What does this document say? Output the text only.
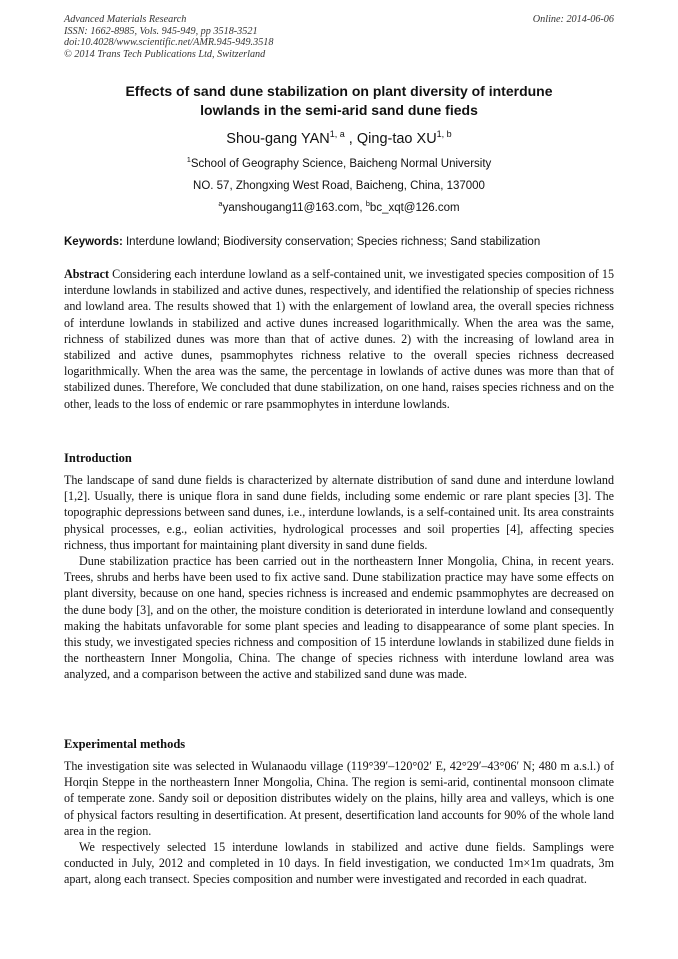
Advanced Materials Research
ISSN: 1662-8985, Vols. 945-949, pp 3518-3521
doi:10.4028/www.scientific.net/AMR.945-949.3518
© 2014 Trans Tech Publications Ltd, Switzerland
Online: 2014-06-06
Effects of sand dune stabilization on plant diversity of interdune
lowlands in the semi-arid sand dune fieds
Shou-gang YAN$^{1, a}$ , Qing-tao XU$^{1, b}$
$^1$School of Geography Science, Baicheng Normal University
NO. 57, Zhongxing West Road, Baicheng, China, 137000
$^a$yanshougang11@163.com, $^b$bc_xqt@126.com
Keywords: Interdune lowland; Biodiversity conservation; Species richness; Sand stabilization

Abstract Considering each interdune lowland as a self-contained unit, we investigated species composition of 15 interdune lowlands in stabilized and active dunes, respectively, and identified the relationship of species richness and lowland area. The results showed that 1) with the enlargement of lowland area, the overall species richness of interdune lowlands in stabilized and active dunes increased logarithmically. When the area was the same, richness of stabilized dunes was more than that of active dunes. 2) with the increasing of lowland area in stabilized and active dunes, psammophytes richness relative to the overall species richness decreased logarithmically. When the area was the same, the percentage in lowlands of active dunes was more than that of stabilized dunes. Therefore, We concluded that dune stabilization, on one hand, raises species richness and on the other, leads to the loss of endemic or rare psammophytes in interdune lowlands.

Introduction

The landscape of sand dune fields is characterized by alternate distribution of sand dune and interdune lowland [1,2]. Usually, there is unique flora in sand dune fields, including some endemic or rare plant species [3]. The topographic depressions between sand dunes, i.e., interdune lowlands, is a self-contained unit. Its area constraints physical processes, e.g., eolian activities, hydrological processes and soil properties [4], affecting species richness, thus important for maintaining plant diversity in sand dune fields.

Dune stabilization practice has been carried out in the northeastern Inner Mongolia, China, in recent years. Trees, shrubs and herbs have been used to fix active sand. Dune stabilization practice may have some effects on plant diversity, because on one hand, species richness is increased and endemic psammophytes are decreased on the dune body [3], and on the other, the moisture condition is deteriorated in interdune lowland and consequently making the habitats unfavorable for some plant species and leading to disappearance of some plant species. In this study, we investigated species richness and composition of 15 interdune lowlands in stabilized dune fields in the northeastern Inner Mongolia, China. The change of species richness with interdune lowland area was analyzed, and a comparison between the active and stabilized sand dune was made.

Experimental methods

The investigation site was selected in Wulanaodu village (119°39′–120°02′ E, 42°29′–43°06′ N; 480 m a.s.l.) of Horqin Steppe in the northeastern Inner Mongolia, China. The region is semi-arid, continental monsoon climate of temperate zone. Sandy soil or deposition distributes widely on the plains, hilly area and valleys, which is one of physical factors resulting in desertification. At present, desertification land accounts for 90% of the whole land area in the region.

We respectively selected 15 interdune lowlands in stabilized and active dune fields. Samplings were conducted in July, 2012 and completed in 10 days. In field investigation, we conducted 1m×1m quadrats, 3m apart, along each transect. Species composition and number were investigated and recorded in each quadrat.
